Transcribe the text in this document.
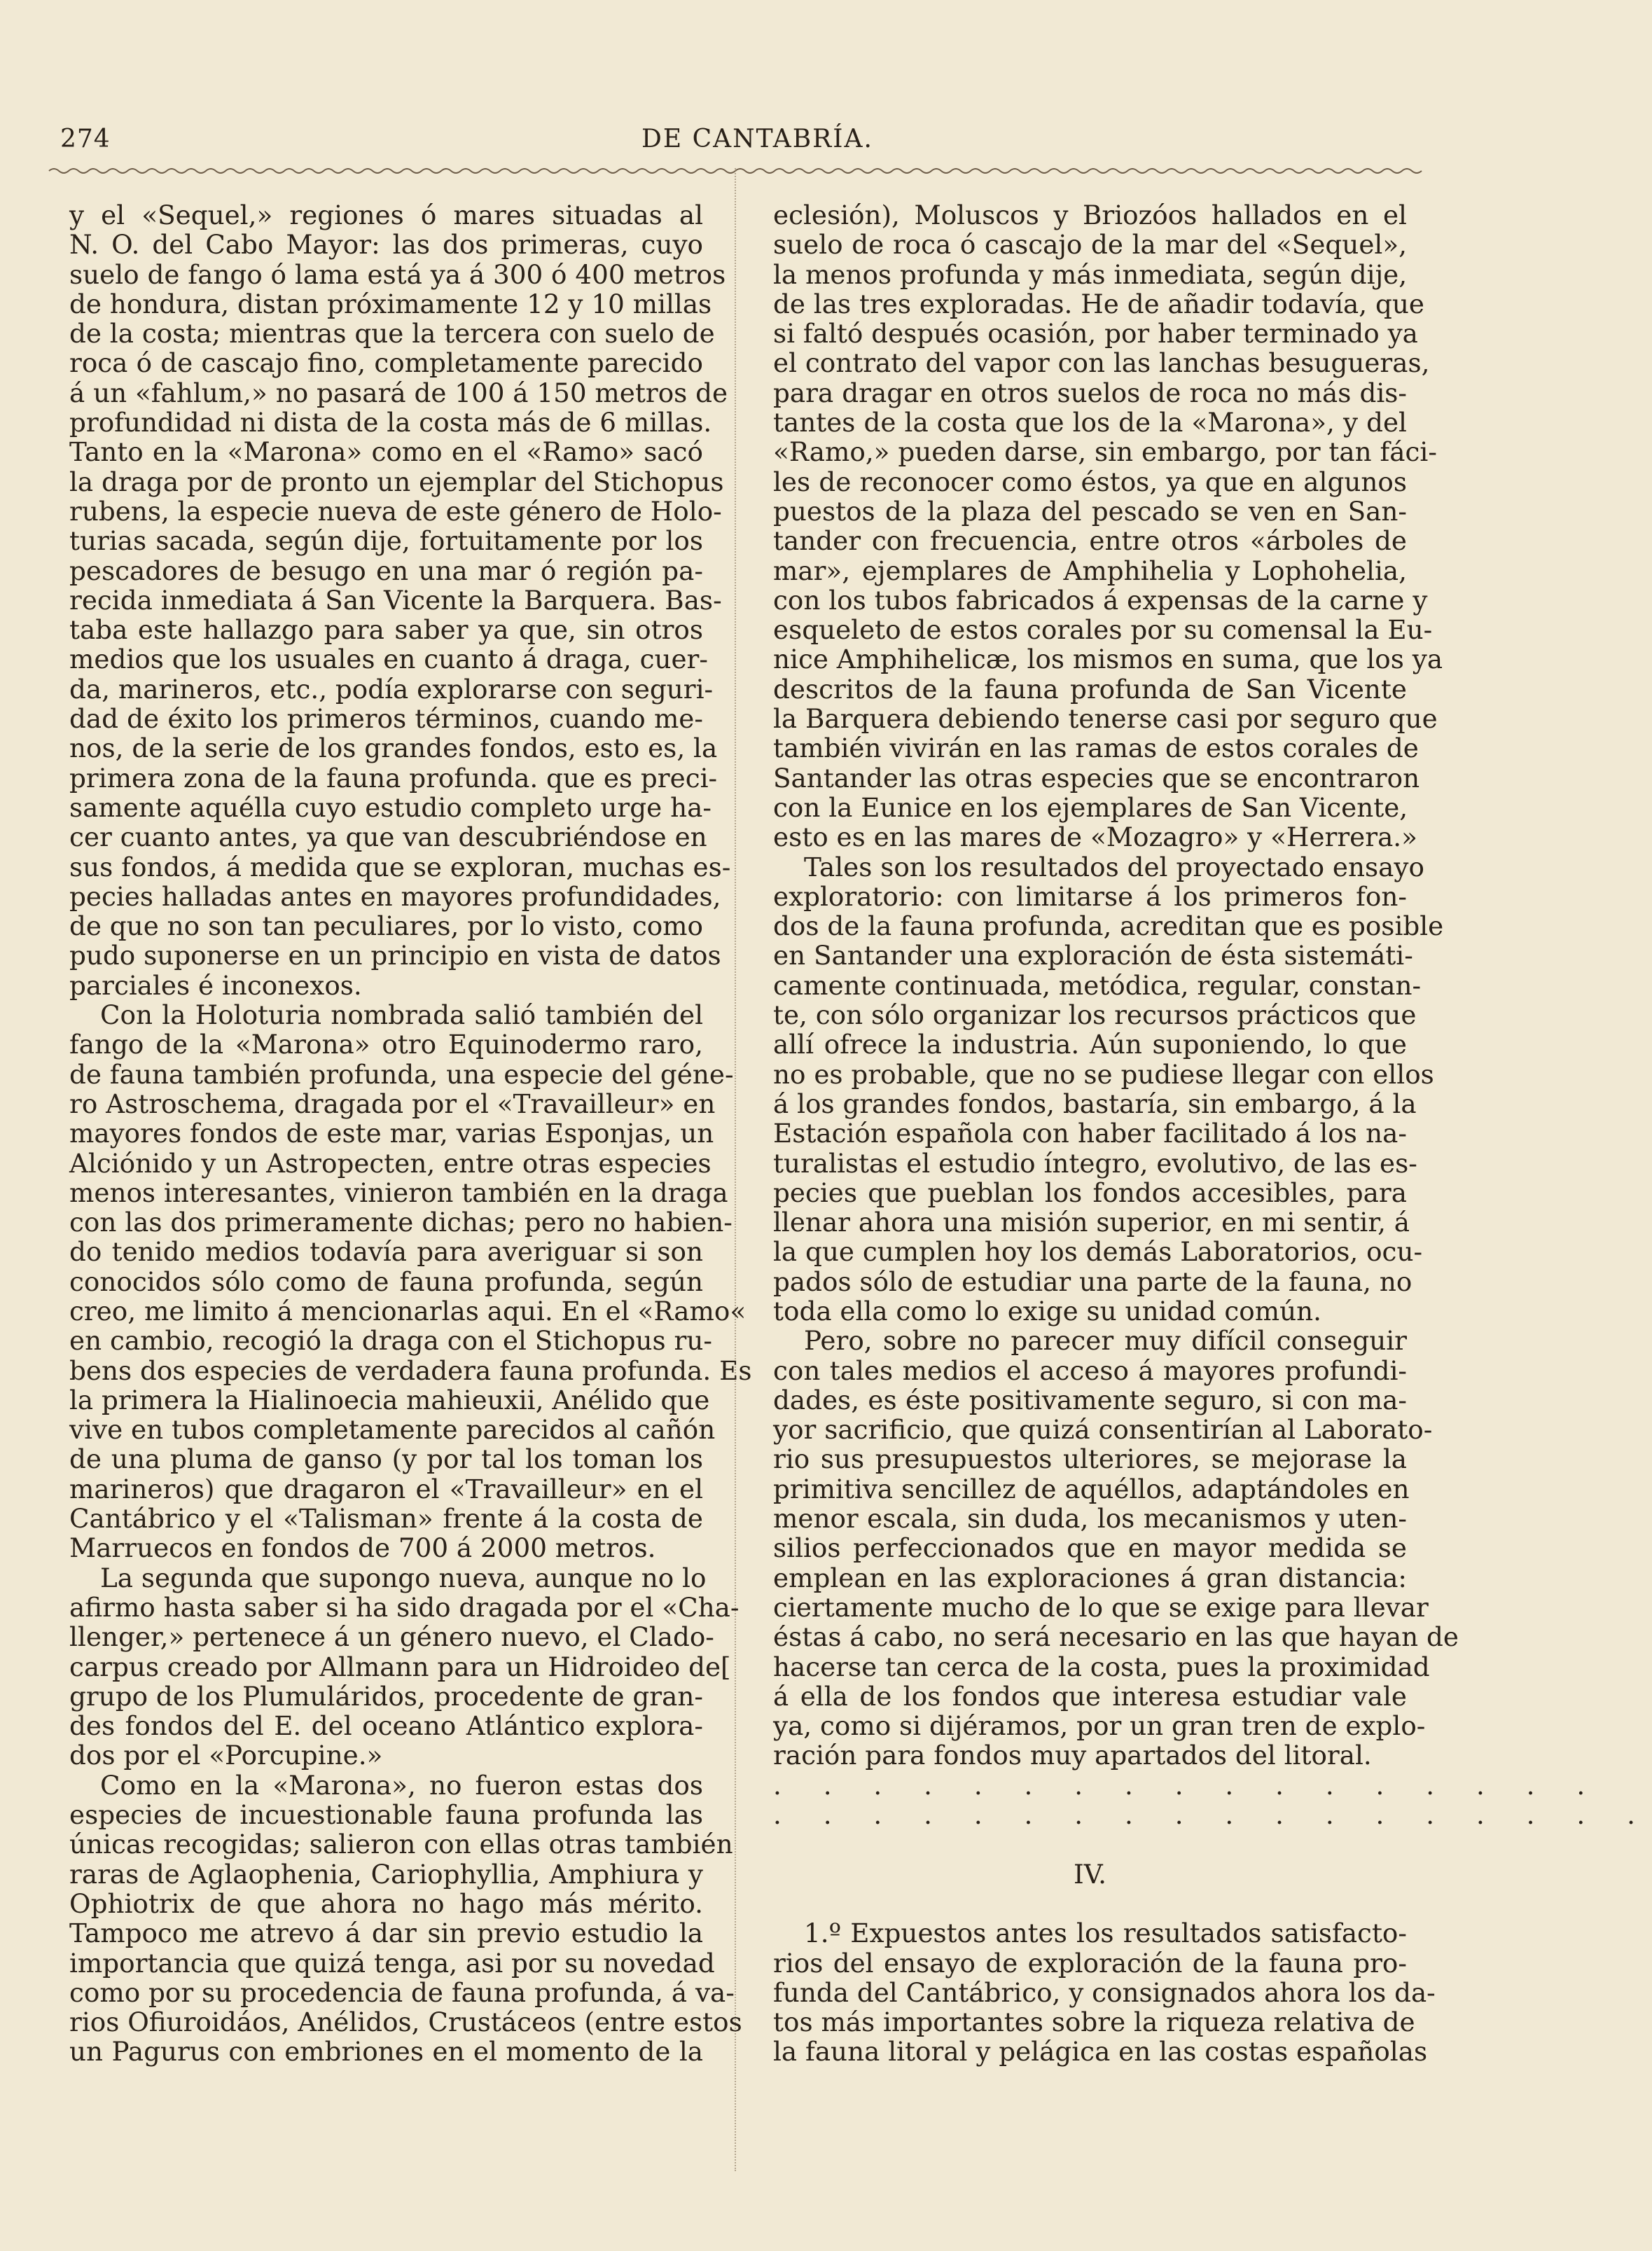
274	DE CANTABRÍA.
y el «Sequel,» regiones ó mares situadas al
N. O. del Cabo Mayor: las dos primeras, cuyo
suelo de fango ó lama está ya á 300 ó 400 metros
de hondura, distan próximamente 12 y 10 millas
de la costa; mientras que la tercera con suelo de
roca ó de cascajo fino, completamente parecido
á un «fahlum,» no pasará de 100 á 150 metros de
profundidad ni dista de la costa más de 6 millas.
Tanto en la «Marona» como en el «Ramo» sacó
la draga por de pronto un ejemplar del Stichopus
rubens, la especie nueva de este género de Holo-
turias sacada, según dije, fortuitamente por los
pescadores de besugo en una mar ó región pa-
recida inmediata á San Vicente la Barquera. Bas-
taba este hallazgo para saber ya que, sin otros
medios que los usuales en cuanto á draga, cuer-
da, marineros, etc., podía explorarse con seguri-
dad de éxito los primeros términos, cuando me-
nos, de la serie de los grandes fondos, esto es, la
primera zona de la fauna profunda. que es preci-
samente aquélla cuyo estudio completo urge ha-
cer cuanto antes, ya que van descubriéndose en
sus fondos, á medida que se exploran, muchas es-
pecies halladas antes en mayores profundidades,
de que no son tan peculiares, por lo visto, como
pudo suponerse en un principio en vista de datos
parciales é inconexos.
Con la Holoturia nombrada salió también del
fango de la «Marona» otro Equinodermo raro,
de fauna también profunda, una especie del géne-
ro Astroschema, dragada por el «Travailleur» en
mayores fondos de este mar, varias Esponjas, un
Alciónido y un Astropecten, entre otras especies
menos interesantes, vinieron también en la draga
con las dos primeramente dichas; pero no habien-
do tenido medios todavía para averiguar si son
conocidos sólo como de fauna profunda, según
creo, me limito á mencionarlas aqui. En el «Ramo«
en cambio, recogió la draga con el Stichopus ru-
bens dos especies de verdadera fauna profunda. Es
la primera la Hialinoecia mahieuxii, Anélido que
vive en tubos completamente parecidos al cañón
de una pluma de ganso (y por tal los toman los
marineros) que dragaron el «Travailleur» en el
Cantábrico y el «Talisman» frente á la costa de
Marruecos en fondos de 700 á 2000 metros.
La segunda que supongo nueva, aunque no lo
afirmo hasta saber si ha sido dragada por el «Cha-
llenger,» pertenece á un género nuevo, el Clado-
carpus creado por Allmann para un Hidroideo de[
grupo de los Plumuláridos, procedente de gran-
des fondos del E. del oceano Atlántico explora-
dos por el «Porcupine.»
Como en la «Marona», no fueron estas dos
especies de incuestionable fauna profunda las
únicas recogidas; salieron con ellas otras también
raras de Aglaophenia, Cariophyllia, Amphiura y
Ophiotrix de que ahora no hago más mérito.
Tampoco me atrevo á dar sin previo estudio la
importancia que quizá tenga, asi por su novedad
como por su procedencia de fauna profunda, á va-
rios Ofiuroidáos, Anélidos, Crustáceos (entre estos
un Pagurus con embriones en el momento de la
eclesión), Moluscos y Briozóos hallados en el
suelo de roca ó cascajo de la mar del «Sequel»,
la menos profunda y más inmediata, según dije,
de las tres exploradas. He de añadir todavía, que
si faltó después ocasión, por haber terminado ya
el contrato del vapor con las lanchas besugueras,
para dragar en otros suelos de roca no más dis-
tantes de la costa que los de la «Marona», y del
«Ramo,» pueden darse, sin embargo, por tan fáci-
les de reconocer como éstos, ya que en algunos
puestos de la plaza del pescado se ven en San-
tander con frecuencia, entre otros «árboles de
mar», ejemplares de Amphihelia y Lophohelia,
con los tubos fabricados á expensas de la carne y
esqueleto de estos corales por su comensal la Eu-
nice Amphihelicæ, los mismos en suma, que los ya
descritos de la fauna profunda de San Vicente
la Barquera debiendo tenerse casi por seguro que
también vivirán en las ramas de estos corales de
Santander las otras especies que se encontraron
con la Eunice en los ejemplares de San Vicente,
esto es en las mares de «Mozagro» y «Herrera.»
Tales son los resultados del proyectado ensayo
exploratorio: con limitarse á los primeros fon-
dos de la fauna profunda, acreditan que es posible
en Santander una exploración de ésta sistemáti-
camente continuada, metódica, regular, constan-
te, con sólo organizar los recursos prácticos que
allí ofrece la industria. Aún suponiendo, lo que
no es probable, que no se pudiese llegar con ellos
á los grandes fondos, bastaría, sin embargo, á la
Estación española con haber facilitado á los na-
turalistas el estudio íntegro, evolutivo, de las es-
pecies que pueblan los fondos accesibles, para
llenar ahora una misión superior, en mi sentir, á
la que cumplen hoy los demás Laboratorios, ocu-
pados sólo de estudiar una parte de la fauna, no
toda ella como lo exige su unidad común.
Pero, sobre no parecer muy difícil conseguir
con tales medios el acceso á mayores profundi-
dades, es éste positivamente seguro, si con ma-
yor sacrificio, que quizá consentirían al Laborato-
rio sus presupuestos ulteriores, se mejorase la
primitiva sencillez de aquéllos, adaptándoles en
menor escala, sin duda, los mecanismos y uten-
silios perfeccionados que en mayor medida se
emplean en las exploraciones á gran distancia:
ciertamente mucho de lo que se exige para llevar
éstas á cabo, no será necesario en las que hayan de
hacerse tan cerca de la costa, pues la proximidad
á ella de los fondos que interesa estudiar vale
ya, como si dijéramos, por un gran tren de explo-
ración para fondos muy apartados del litoral.
. . . . . . . . . . . . . . . . .
. . . . . . . . . . . . . . . . . .
IV.
1.º Expuestos antes los resultados satisfacto-
rios del ensayo de exploración de la fauna pro-
funda del Cantábrico, y consignados ahora los da-
tos más importantes sobre la riqueza relativa de
la fauna litoral y pelágica en las costas españolas
